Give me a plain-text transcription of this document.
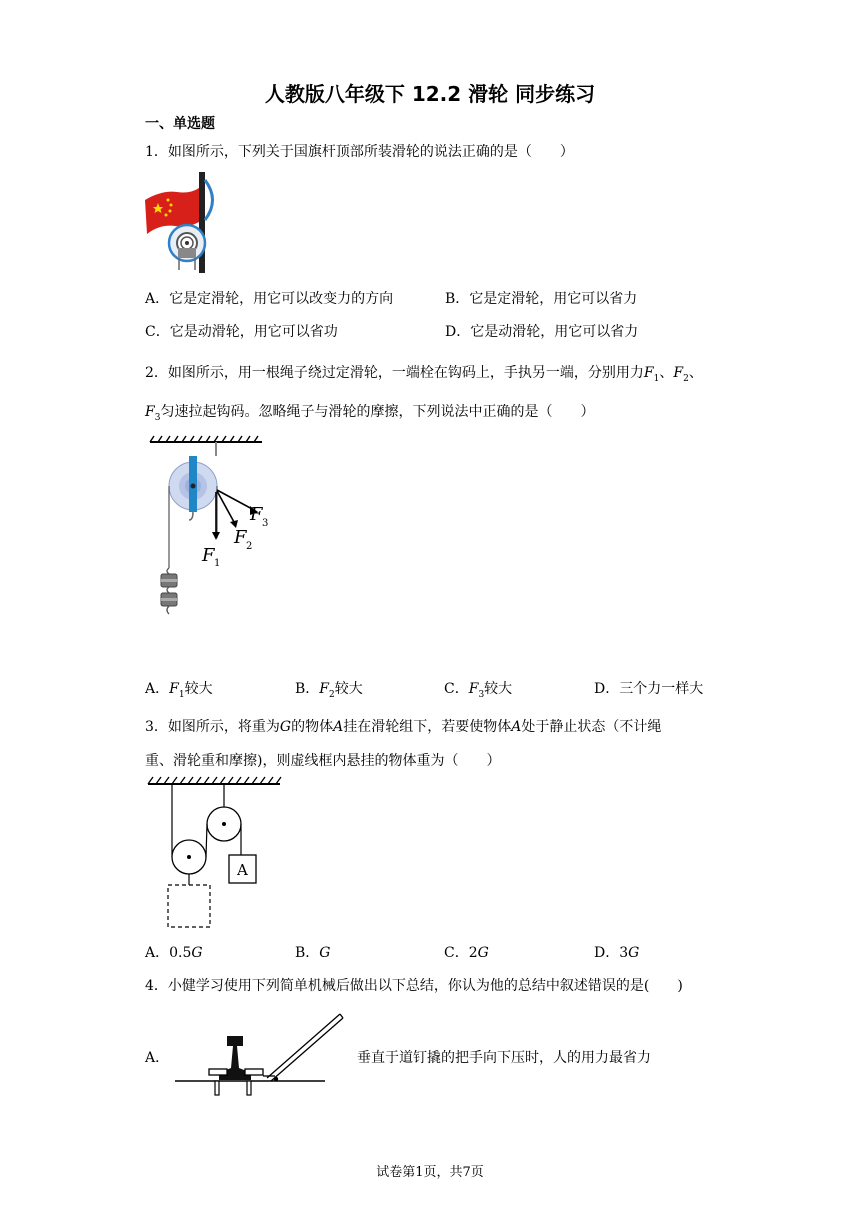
人教版八年级下 12.2 滑轮 同步练习
一、单选题
1．如图所示，下列关于国旗杆顶部所装滑轮的说法正确的是（　　）
A．它是定滑轮，用它可以改变力的方向	B．它是定滑轮，用它可以省力
C．它是动滑轮，用它可以省功	D．它是动滑轮，用它可以省力
2．如图所示，用一根绳子绕过定滑轮，一端栓在钩码上，手执另一端，分别用力$F_1$、$F_2$、
$F_3$匀速拉起钩码。忽略绳子与滑轮的摩擦，下列说法中正确的是（　　）
F 1
F 2
F 3
A．$F_1$较大	B．$F_2$较大	C．$F_3$较大	D．三个力一样大
3．如图所示，将重为G的物体A挂在滑轮组下，若要使物体A处于静止状态（不计绳
重、滑轮重和摩擦)，则虚线框内悬挂的物体重为（　　）
A
A．0.5G	B．G	C．2G	D．3G
4．小健学习使用下列简单机械后做出以下总结，你认为他的总结中叙述错误的是(　　)
A．	垂直于道钉撬的把手向下压时，人的用力最省力
试卷第1页，共7页
